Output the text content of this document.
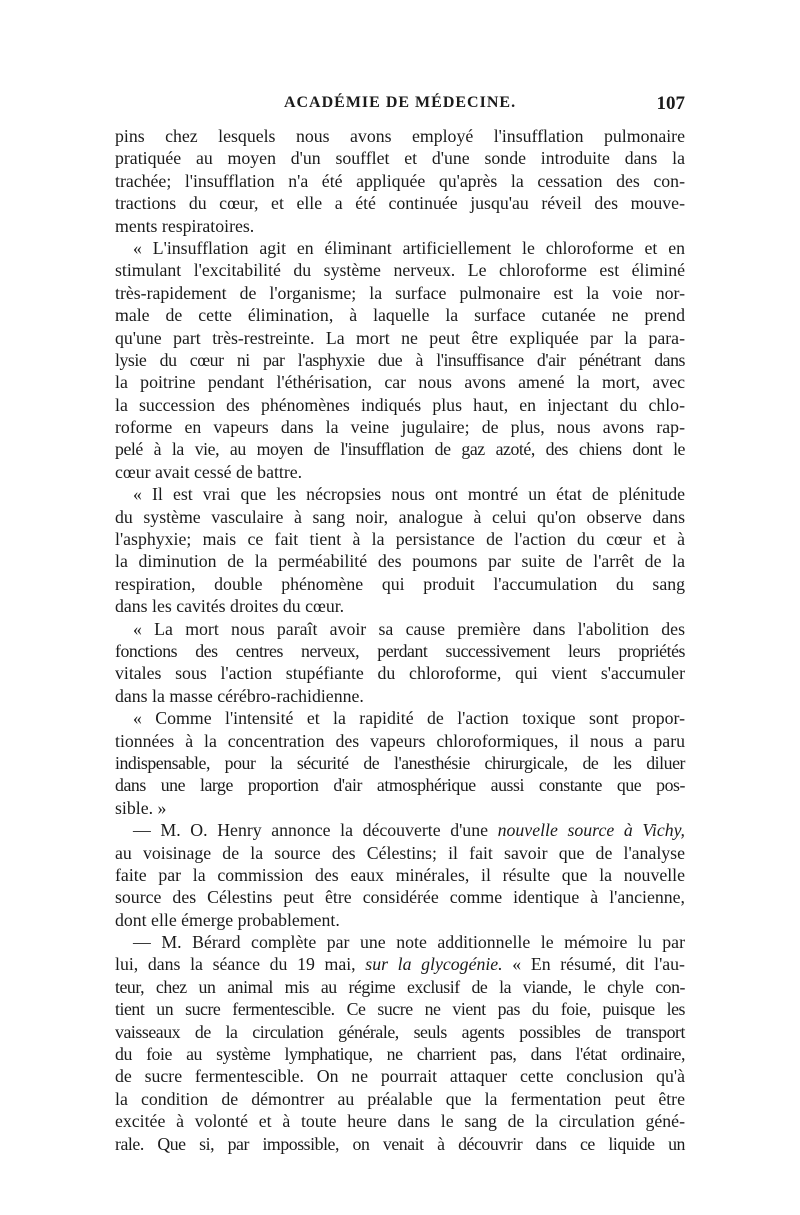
ACADÉMIE DE MÉDECINE.	107
pins chez lesquels nous avons employé l'insufflation pulmonaire
pratiquée au moyen d'un soufflet et d'une sonde introduite dans la
trachée; l'insufflation n'a été appliquée qu'après la cessation des con-
tractions du cœur, et elle a été continuée jusqu'au réveil des mouve-
ments respiratoires.
« L'insufflation agit en éliminant artificiellement le chloroforme et en
stimulant l'excitabilité du système nerveux. Le chloroforme est éliminé
très-rapidement de l'organisme; la surface pulmonaire est la voie nor-
male de cette élimination, à laquelle la surface cutanée ne prend
qu'une part très-restreinte. La mort ne peut être expliquée par la para-
lysie du cœur ni par l'asphyxie due à l'insuffisance d'air pénétrant dans
la poitrine pendant l'éthérisation, car nous avons amené la mort, avec
la succession des phénomènes indiqués plus haut, en injectant du chlo-
roforme en vapeurs dans la veine jugulaire; de plus, nous avons rap-
pelé à la vie, au moyen de l'insufflation de gaz azoté, des chiens dont le
cœur avait cessé de battre.
« Il est vrai que les nécropsies nous ont montré un état de plénitude
du système vasculaire à sang noir, analogue à celui qu'on observe dans
l'asphyxie; mais ce fait tient à la persistance de l'action du cœur et à
la diminution de la perméabilité des poumons par suite de l'arrêt de la
respiration, double phénomène qui produit l'accumulation du sang
dans les cavités droites du cœur.
« La mort nous paraît avoir sa cause première dans l'abolition des
fonctions des centres nerveux, perdant successivement leurs propriétés
vitales sous l'action stupéfiante du chloroforme, qui vient s'accumuler
dans la masse cérébro-rachidienne.
« Comme l'intensité et la rapidité de l'action toxique sont propor-
tionnées à la concentration des vapeurs chloroformiques, il nous a paru
indispensable, pour la sécurité de l'anesthésie chirurgicale, de les diluer
dans une large proportion d'air atmosphérique aussi constante que pos-
sible. »
— M. O. Henry annonce la découverte d'une nouvelle source à Vichy,
au voisinage de la source des Célestins; il fait savoir que de l'analyse
faite par la commission des eaux minérales, il résulte que la nouvelle
source des Célestins peut être considérée comme identique à l'ancienne,
dont elle émerge probablement.
— M. Bérard complète par une note additionnelle le mémoire lu par
lui, dans la séance du 19 mai, sur la glycogénie. « En résumé, dit l'au-
teur, chez un animal mis au régime exclusif de la viande, le chyle con-
tient un sucre fermentescible. Ce sucre ne vient pas du foie, puisque les
vaisseaux de la circulation générale, seuls agents possibles de transport
du foie au système lymphatique, ne charrient pas, dans l'état ordinaire,
de sucre fermentescible. On ne pourrait attaquer cette conclusion qu'à
la condition de démontrer au préalable que la fermentation peut être
excitée à volonté et à toute heure dans le sang de la circulation géné-
rale. Que si, par impossible, on venait à découvrir dans ce liquide un
